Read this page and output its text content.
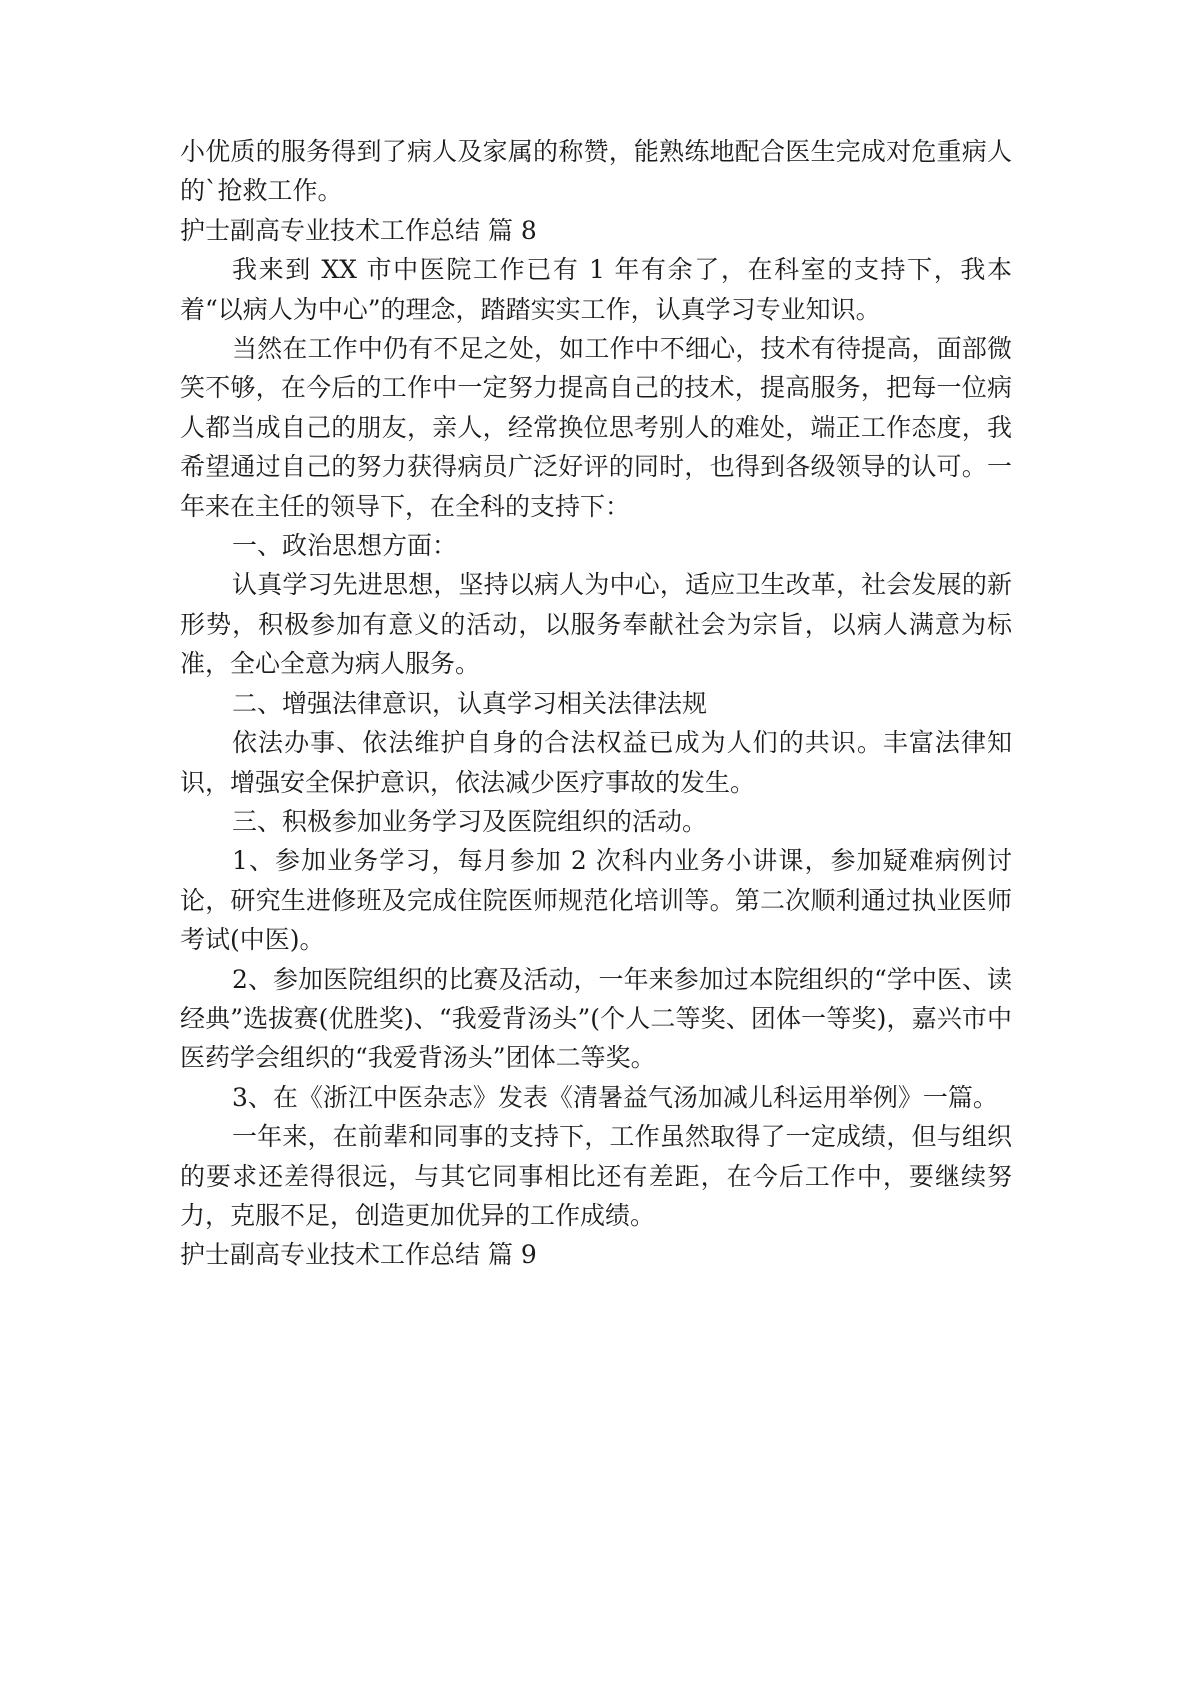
小优质的服务得到了病人及家属的称赞，能熟练地配合医生完成对危重病人的`抢救工作。

护士副高专业技术工作总结 篇 8

我来到 XX 市中医院工作已有 1 年有余了，在科室的支持下，我本着“以病人为中心”的理念，踏踏实实工作，认真学习专业知识。

当然在工作中仍有不足之处，如工作中不细心，技术有待提高，面部微笑不够，在今后的工作中一定努力提高自己的技术，提高服务，把每一位病人都当成自己的朋友，亲人，经常换位思考别人的难处，端正工作态度，我希望通过自己的努力获得病员广泛好评的同时，也得到各级领导的认可。一年来在主任的领导下，在全科的支持下：

一、政治思想方面：

认真学习先进思想，坚持以病人为中心，适应卫生改革，社会发展的新形势，积极参加有意义的活动，以服务奉献社会为宗旨，以病人满意为标准，全心全意为病人服务。

二、增强法律意识，认真学习相关法律法规

依法办事、依法维护自身的合法权益已成为人们的共识。丰富法律知识，增强安全保护意识，依法减少医疗事故的发生。

三、积极参加业务学习及医院组织的活动。

1、参加业务学习，每月参加 2 次科内业务小讲课，参加疑难病例讨论，研究生进修班及完成住院医师规范化培训等。第二次顺利通过执业医师考试(中医)。

2、参加医院组织的比赛及活动，一年来参加过本院组织的“学中医、读经典”选拔赛(优胜奖)、“我爱背汤头”(个人二等奖、团体一等奖)，嘉兴市中医药学会组织的“我爱背汤头”团体二等奖。

3、在《浙江中医杂志》发表《清暑益气汤加减儿科运用举例》一篇。

一年来，在前辈和同事的支持下，工作虽然取得了一定成绩，但与组织的要求还差得很远，与其它同事相比还有差距，在今后工作中，要继续努力，克服不足，创造更加优异的工作成绩。

护士副高专业技术工作总结 篇 9
